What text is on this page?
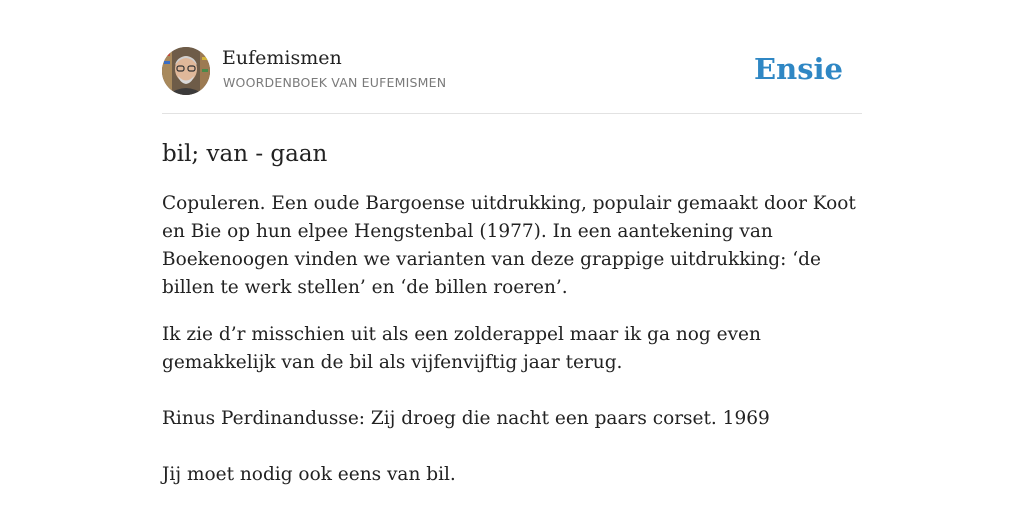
Eufemismen
WOORDENBOEK VAN EUFEMISMEN	Ensie
bil; van - gaan

Copuleren. Een oude Bargoense uitdrukking, populair gemaakt door Koot en Bie op hun elpee Hengstenbal (1977). In een aantekening van Boekenoogen vinden we varianten van deze grappige uitdrukking: ‘de billen te werk stellen’ en ‘de billen roeren’.

Ik zie d’r misschien uit als een zolderappel maar ik ga nog even gemakkelijk van de bil als vijfenvijftig jaar terug.

Rinus Perdinandusse: Zij droeg die nacht een paars corset. 1969

Jij moet nodig ook eens van bil.
